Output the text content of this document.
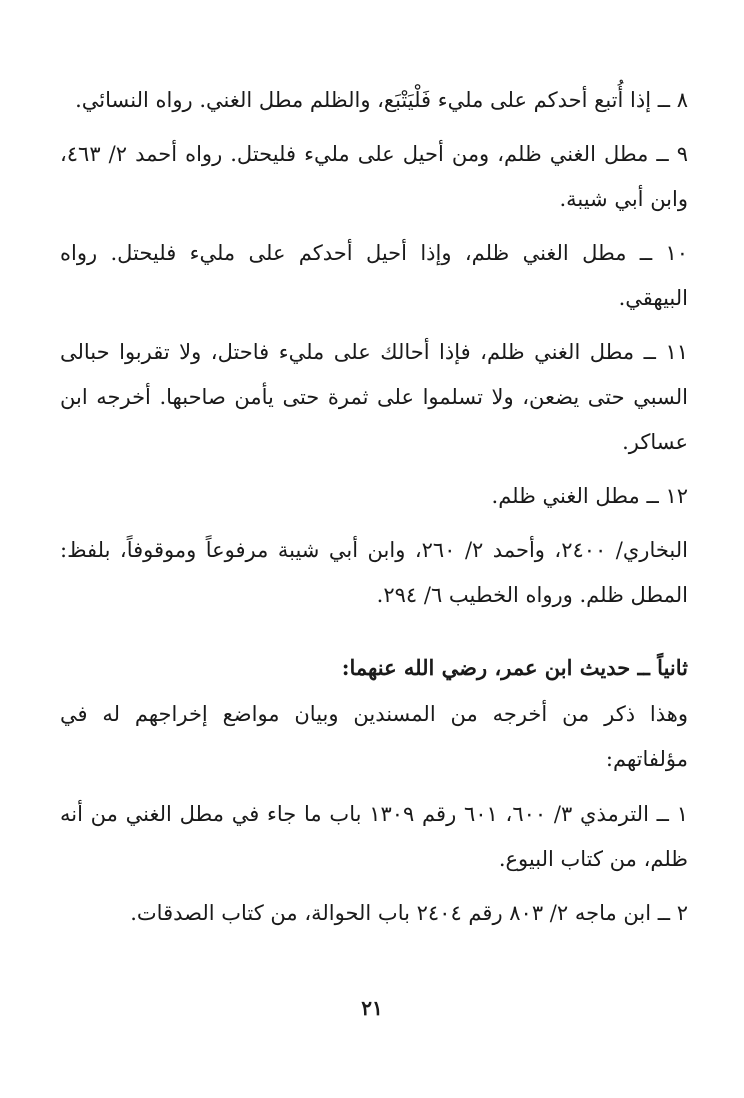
٨ ــ إذا أُتبع أحدكم على مليء فَلْيَتْبَع، والظلم مطل الغني. رواه النسائي.
٩ ــ مطل الغني ظلم، ومن أحيل على مليء فليحتل. رواه أحمد ٢/ ٤٦٣، وابن أبي شيبة.
١٠ ــ مطل الغني ظلم، وإذا أحيل أحدكم على مليء فليحتل. رواه البيهقي.
١١ ــ مطل الغني ظلم، فإذا أحالك على مليء فاحتل، ولا تقربوا حبالى السبي حتى يضعن، ولا تسلموا على ثمرة حتى يأمن صاحبها. أخرجه ابن عساكر.
١٢ ــ مطل الغني ظلم.
البخاري/ ٢٤٠٠، وأحمد ٢/ ٢٦٠، وابن أبي شيبة مرفوعاً وموقوفاً، بلفظ: المطل ظلم. ورواه الخطيب ٦/ ٢٩٤.
ثانياً ــ حديث ابن عمر، رضي الله عنهما:
وهذا ذكر من أخرجه من المسندين وبيان مواضع إخراجهم له في مؤلفاتهم:
١ ــ الترمذي ٣/ ٦٠٠، ٦٠١ رقم ١٣٠٩ باب ما جاء في مطل الغني من أنه ظلم، من كتاب البيوع.
٢ ــ ابن ماجه ٢/ ٨٠٣ رقم ٢٤٠٤ باب الحوالة، من كتاب الصدقات.
٢١
